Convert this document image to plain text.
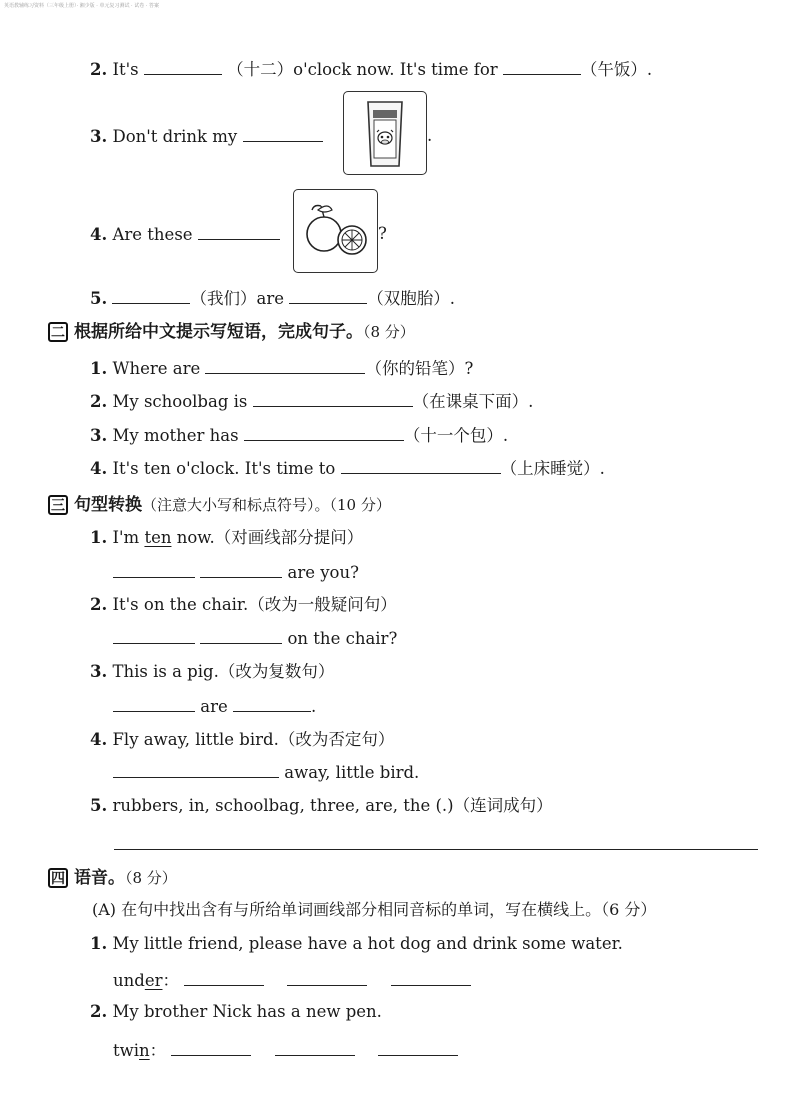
英语教辅练习资料（三年级上册）· 湘少版 · 单元复习测试 · 试卷 · 答案
2. It's	（十二）o'clock now. It's time for	（午饭）.
3. Don't drink my	.
4. Are these	?
5.	（我们）are	（双胞胎）.
二 根据所给中文提示写短语，完成句子。（8 分）
1. Where are	（你的铅笔）?
2. My schoolbag is	（在课桌下面）.
3. My mother has	（十一个包）.
4. It's ten o'clock. It's time to	（上床睡觉）.
三 句型转换（注意大小写和标点符号）。（10 分）
1. I'm ten now.（对画线部分提问）
are you?
2. It's on the chair.（改为一般疑问句）
on the chair?
3. This is a pig.（改为复数句）
are	.
4. Fly away, little bird.（改为否定句）
away, little bird.
5. rubbers, in, schoolbag, three, are, the (.)（连词成句）
四 语音。（8 分）
(A) 在句中找出含有与所给单词画线部分相同音标的单词，写在横线上。（6 分）
1. My little friend, please have a hot dog and drink some water.
under：
2. My brother Nick has a new pen.
twin：
